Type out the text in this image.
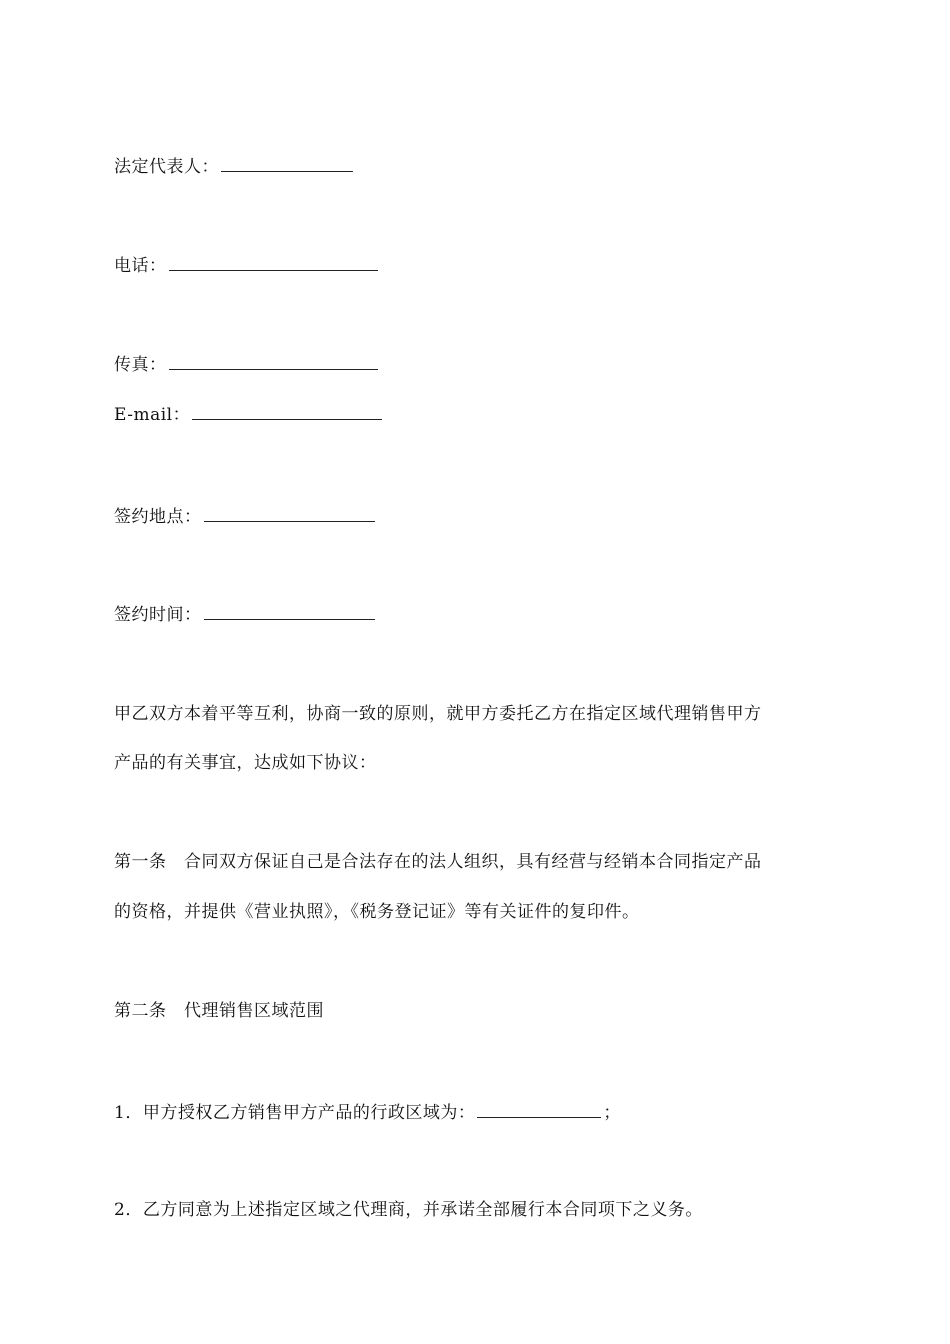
法定代表人：
电话：
传真：
E-mail：
签约地点：
签约时间：
甲乙双方本着平等互利，协商一致的原则，就甲方委托乙方在指定区域代理销售甲方
产品的有关事宜，达成如下协议：
第一条　合同双方保证自己是合法存在的法人组织，具有经营与经销本合同指定产品
的资格，并提供《营业执照》，《税务登记证》等有关证件的复印件。
第二条　代理销售区域范围
1．甲方授权乙方销售甲方产品的行政区域为：	；
2．乙方同意为上述指定区域之代理商，并承诺全部履行本合同项下之义务。
